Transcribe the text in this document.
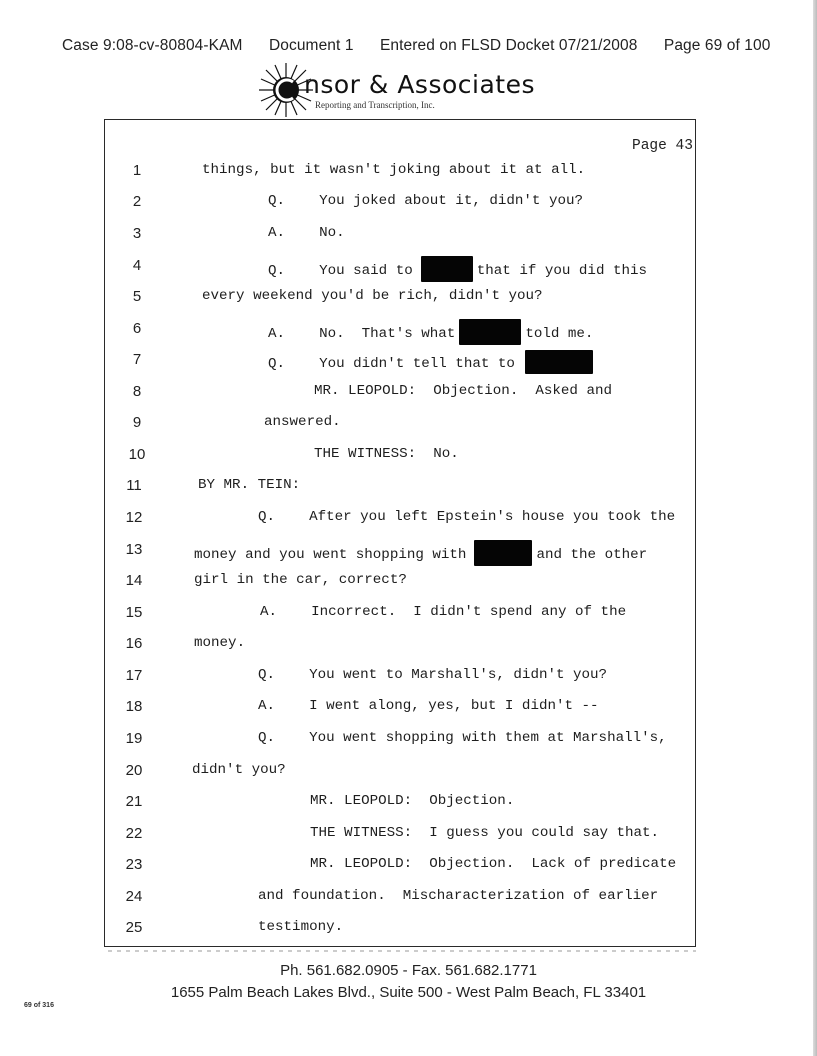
Case 9:08-cv-80804-KAM Document 1 Entered on FLSD Docket 07/21/2008 Page 69 of 100
nsor & Associates
Reporting and Transcription, Inc.
Page 43
1	things, but it wasn't joking about it at all.
2	Q.    You joked about it, didn't you?
3	A.    No.
4	Q.    You said to	that if you did this
5	every weekend you'd be rich, didn't you?
6	A.    No.  That's what	told me.
7	Q.    You didn't tell that to
8	MR. LEOPOLD:  Objection.  Asked and
9	answered.
10	THE WITNESS:  No.
11	BY MR. TEIN:
12	Q.    After you left Epstein's house you took the
13	money and you went shopping with	and the other
14	girl in the car, correct?
15	A.    Incorrect.  I didn't spend any of the
16	money.
17	Q.    You went to Marshall's, didn't you?
18	A.    I went along, yes, but I didn't --
19	Q.    You went shopping with them at Marshall's,
20	didn't you?
21	MR. LEOPOLD:  Objection.
22	THE WITNESS:  I guess you could say that.
23	MR. LEOPOLD:  Objection.  Lack of predicate
24	and foundation.  Mischaracterization of earlier
25	testimony.
Ph. 561.682.0905 - Fax. 561.682.1771
1655 Palm Beach Lakes Blvd., Suite 500 - West Palm Beach, FL 33401
69 of 316
